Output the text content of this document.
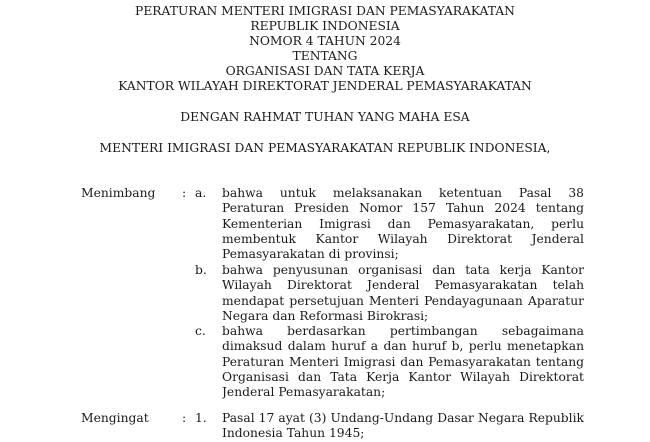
PERATURAN MENTERI IMIGRASI DAN PEMASYARAKATAN
REPUBLIK INDONESIA
NOMOR 4 TAHUN 2024
TENTANG
ORGANISASI DAN TATA KERJA
KANTOR WILAYAH DIREKTORAT JENDERAL PEMASYARAKATAN
DENGAN RAHMAT TUHAN YANG MAHA ESA
MENTERI IMIGRASI DAN PEMASYARAKATAN REPUBLIK INDONESIA,
Menimbang : a. bahwa untuk melaksanakan ketentuan Pasal 38
Peraturan Presiden Nomor 157 Tahun 2024 tentang
Kementerian Imigrasi dan Pemasyarakatan, perlu
membentuk Kantor Wilayah Direktorat Jenderal
Pemasyarakatan di provinsi;
b. bahwa penyusunan organisasi dan tata kerja Kantor
Wilayah Direktorat Jenderal Pemasyarakatan telah
mendapat persetujuan Menteri Pendayagunaan Aparatur
Negara dan Reformasi Birokrasi;
c. bahwa berdasarkan pertimbangan sebagaimana
dimaksud dalam huruf a dan huruf b, perlu menetapkan
Peraturan Menteri Imigrasi dan Pemasyarakatan tentang
Organisasi dan Tata Kerja Kantor Wilayah Direktorat
Jenderal Pemasyarakatan;
Mengingat	: 1. Pasal 17 ayat (3) Undang-Undang Dasar Negara Republik
Indonesia Tahun 1945;
